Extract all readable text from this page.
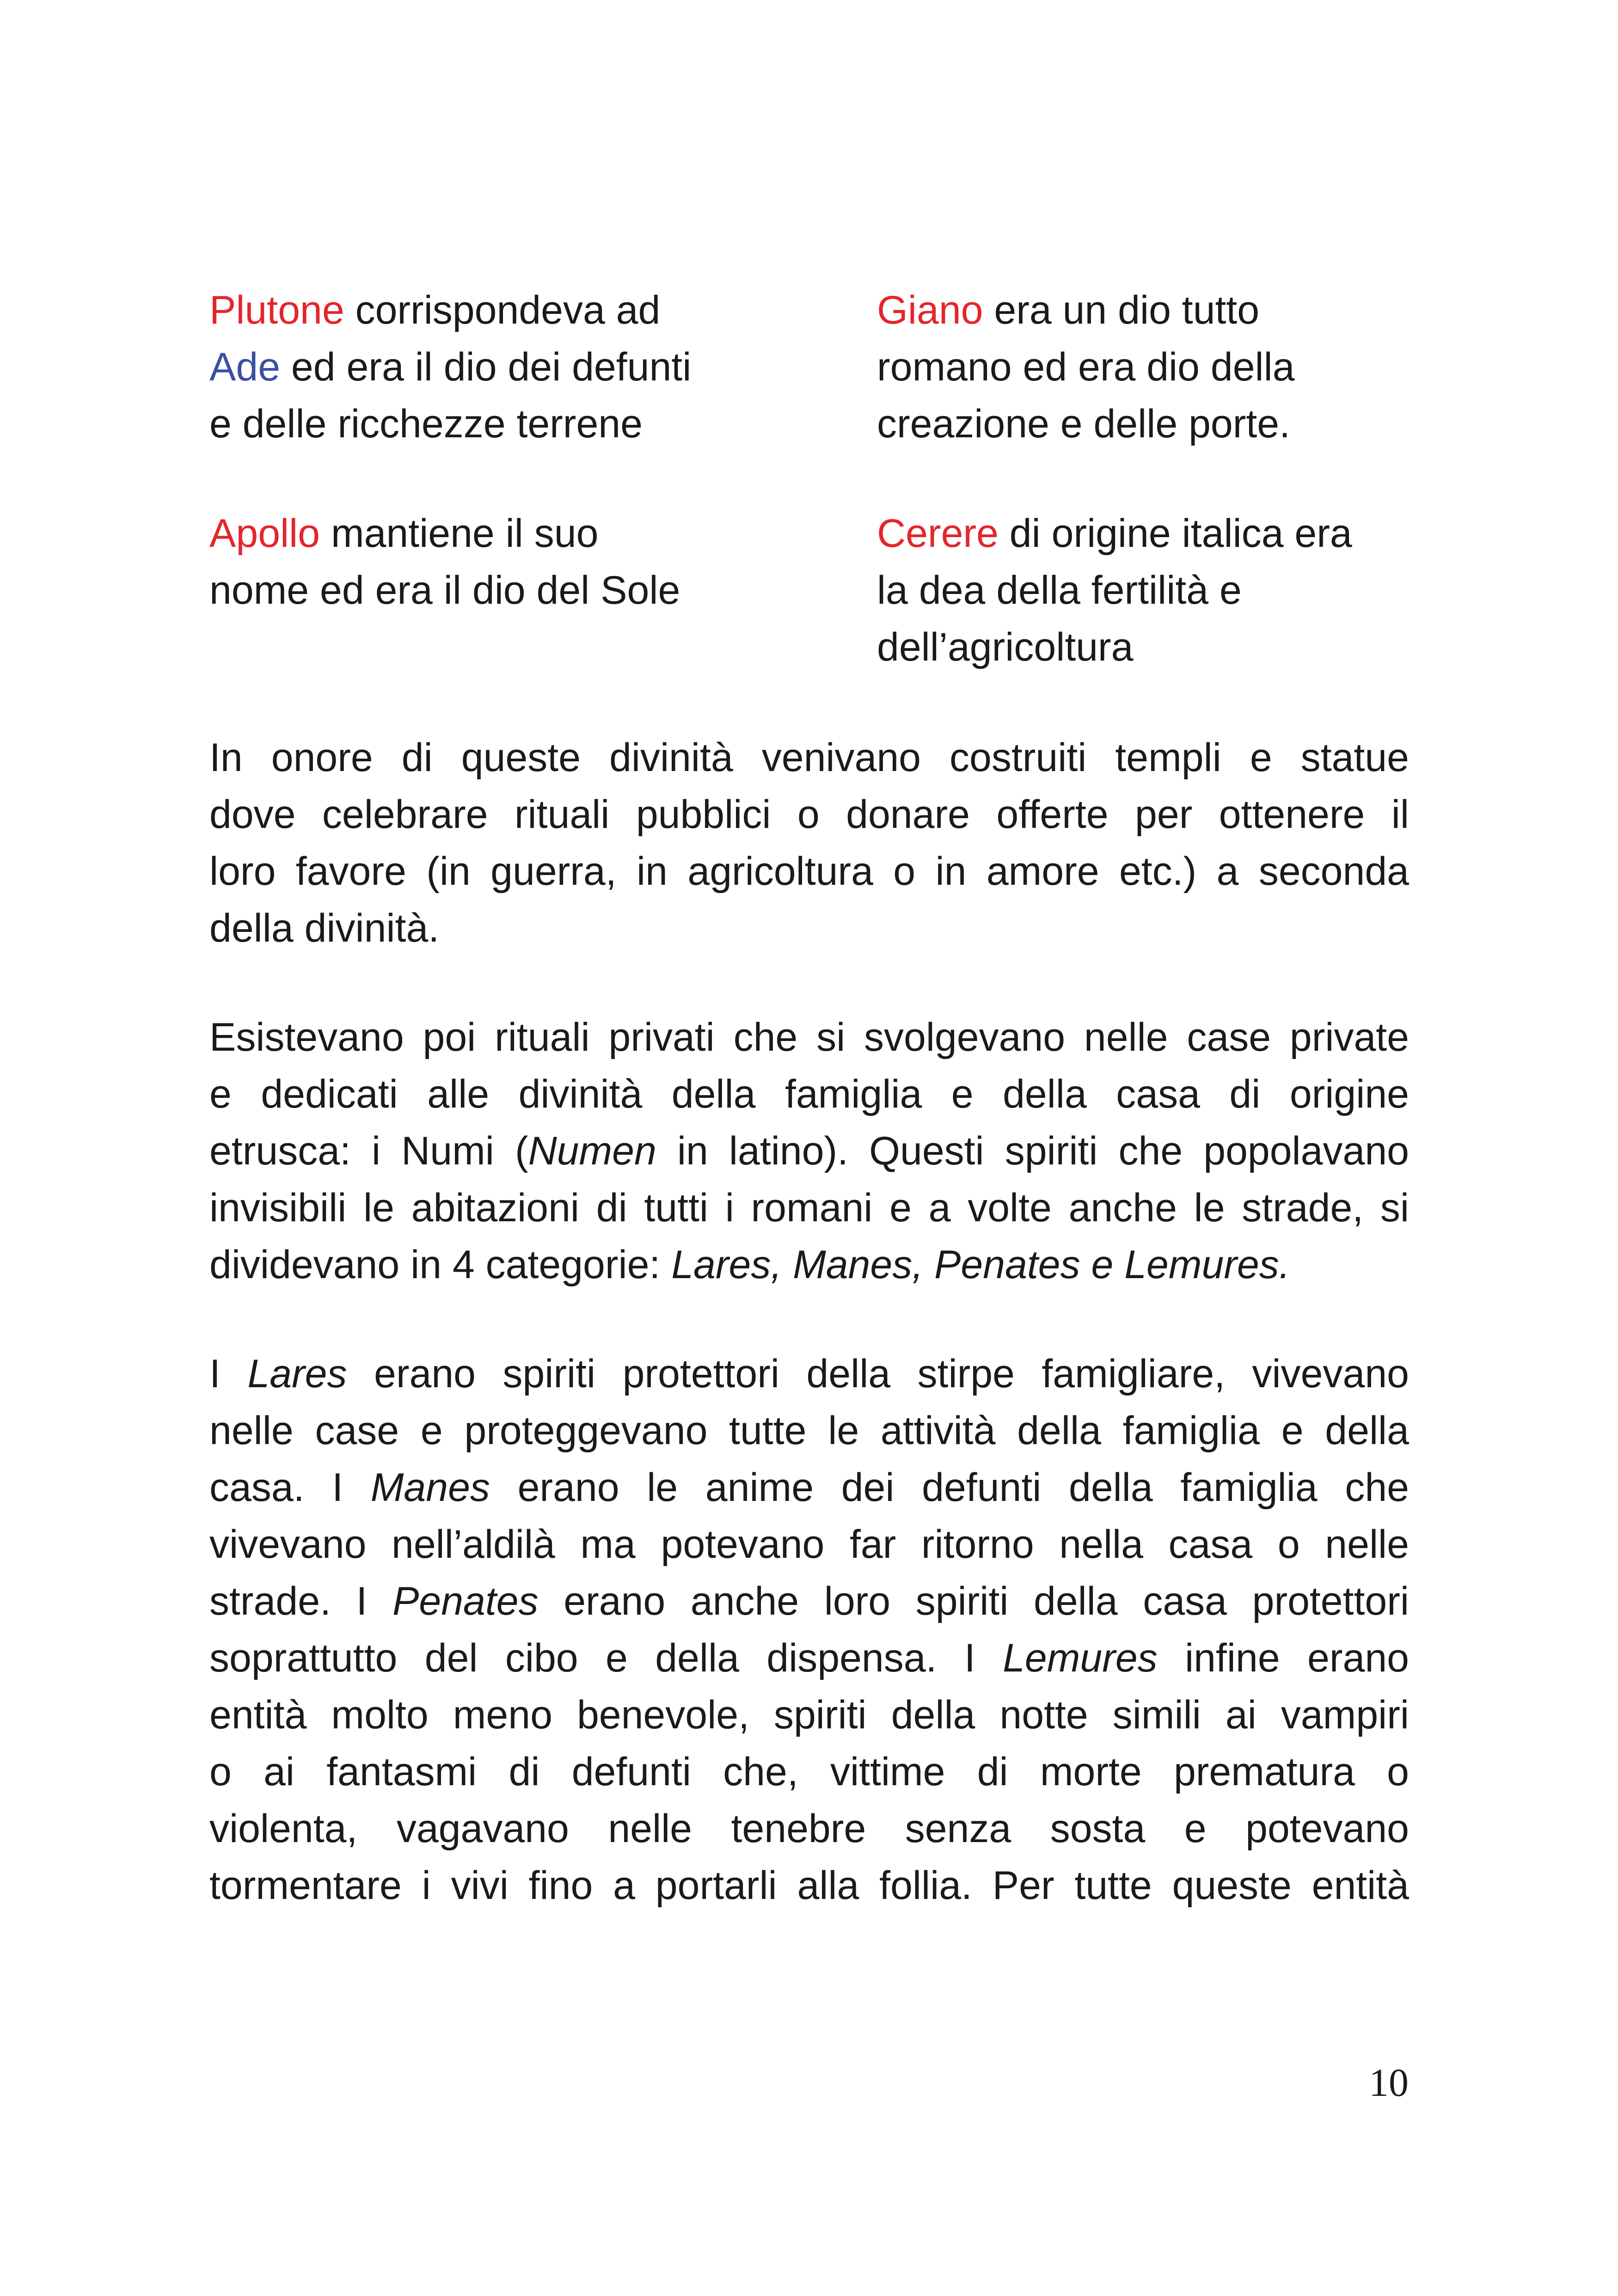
Plutone corrispondeva ad
Ade ed era il dio dei defunti
e delle ricchezze terrene
Giano era un dio tutto
romano ed era dio della
creazione e delle porte.
Apollo mantiene il suo
nome ed era il dio del Sole
Cerere di origine italica era
la dea della fertilità e
dell’agricoltura
In onore di queste divinità venivano costruiti templi e statue
dove celebrare rituali pubblici o donare offerte per ottenere il
loro favore (in guerra, in agricoltura o in amore etc.) a seconda
della divinità.
Esistevano poi rituali privati che si svolgevano nelle case private
e dedicati alle divinità della famiglia e della casa di origine
etrusca: i Numi (Numen in latino). Questi spiriti che popolavano
invisibili le abitazioni di tutti i romani e a volte anche le strade, si
dividevano in 4 categorie: Lares, Manes, Penates e Lemures.
I Lares erano spiriti protettori della stirpe famigliare, vivevano
nelle case e proteggevano tutte le attività della famiglia e della
casa. I Manes erano le anime dei defunti della famiglia che
vivevano nell’aldilà ma potevano far ritorno nella casa o nelle
strade. I Penates erano anche loro spiriti della casa protettori
soprattutto del cibo e della dispensa. I Lemures infine erano
entità molto meno benevole, spiriti della notte simili ai vampiri
o ai fantasmi di defunti che, vittime di morte prematura o
violenta, vagavano nelle tenebre senza sosta e potevano
tormentare i vivi fino a portarli alla follia. Per tutte queste entità
10
